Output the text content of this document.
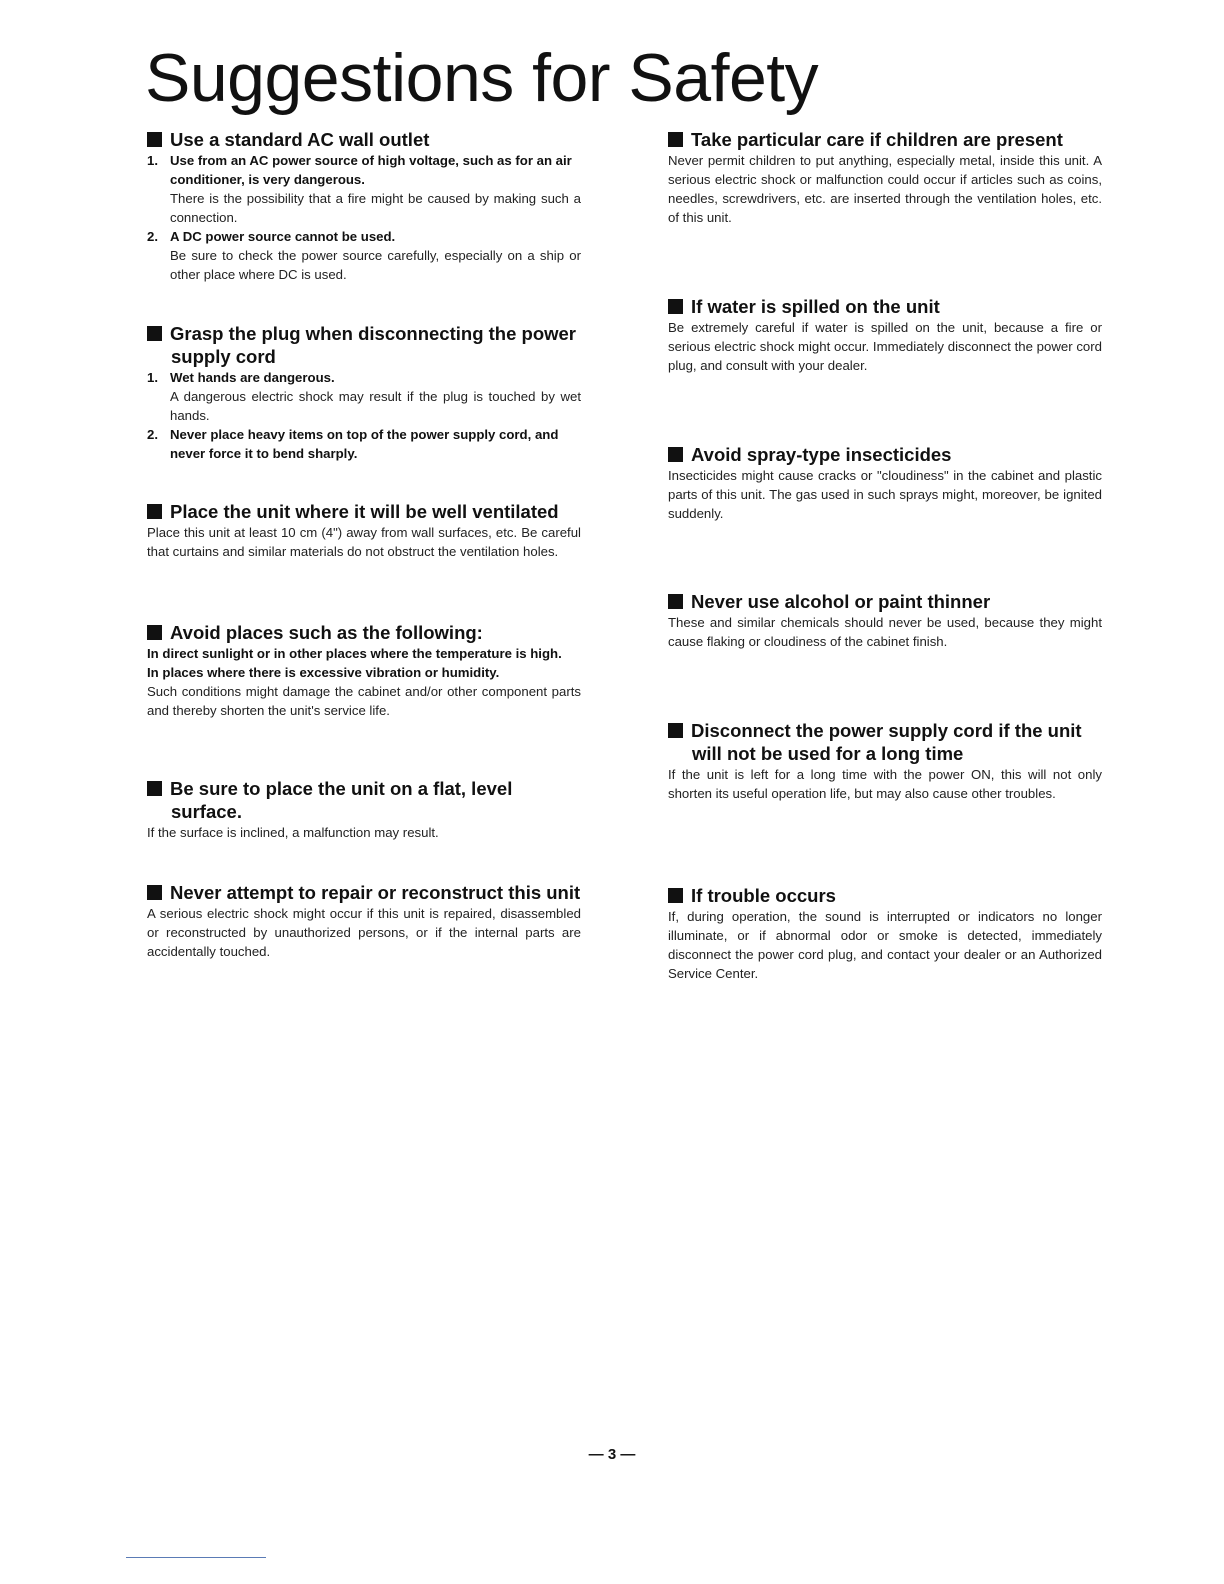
Suggestions for Safety
Use a standard AC wall outlet
1. Use from an AC power source of high voltage, such as for an air conditioner, is very dangerous.

There is the possibility that a fire might be caused by making such a connection.

2. A DC power source cannot be used.

Be sure to check the power source carefully, especially on a ship or other place where DC is used.

Grasp the plug when disconnecting the power supply cord
1. Wet hands are dangerous.

A dangerous electric shock may result if the plug is touched by wet hands.

2. Never place heavy items on top of the power supply cord, and never force it to bend sharply.

Place the unit where it will be well ventilated

Place this unit at least 10 cm (4") away from wall surfaces, etc. Be careful that curtains and similar materials do not obstruct the ventilation holes.

Avoid places such as the following:

In direct sunlight or in other places where the temperature is high.

In places where there is excessive vibration or humidity.

Such conditions might damage the cabinet and/or other component parts and thereby shorten the unit's service life.

Be sure to place the unit on a flat, level surface.

If the surface is inclined, a malfunction may result.

Never attempt to repair or reconstruct this unit

A serious electric shock might occur if this unit is repaired, disassembled or reconstructed by unauthorized persons, or if the internal parts are accidentally touched.

Take particular care if children are present

Never permit children to put anything, especially metal, inside this unit. A serious electric shock or malfunction could occur if articles such as coins, needles, screwdrivers, etc. are inserted through the ventilation holes, etc. of this unit.

If water is spilled on the unit

Be extremely careful if water is spilled on the unit, because a fire or serious electric shock might occur. Immediately disconnect the power cord plug, and consult with your dealer.

Avoid spray-type insecticides

Insecticides might cause cracks or "cloudiness" in the cabinet and plastic parts of this unit. The gas used in such sprays might, moreover, be ignited suddenly.

Never use alcohol or paint thinner

These and similar chemicals should never be used, because they might cause flaking or cloudiness of the cabinet finish.

Disconnect the power supply cord if the unit will not be used for a long time

If the unit is left for a long time with the power ON, this will not only shorten its useful operation life, but may also cause other troubles.

If trouble occurs

If, during operation, the sound is interrupted or indicators no longer illuminate, or if abnormal odor or smoke is detected, immediately disconnect the power cord plug, and contact your dealer or an Authorized Service Center.

— 3 —
